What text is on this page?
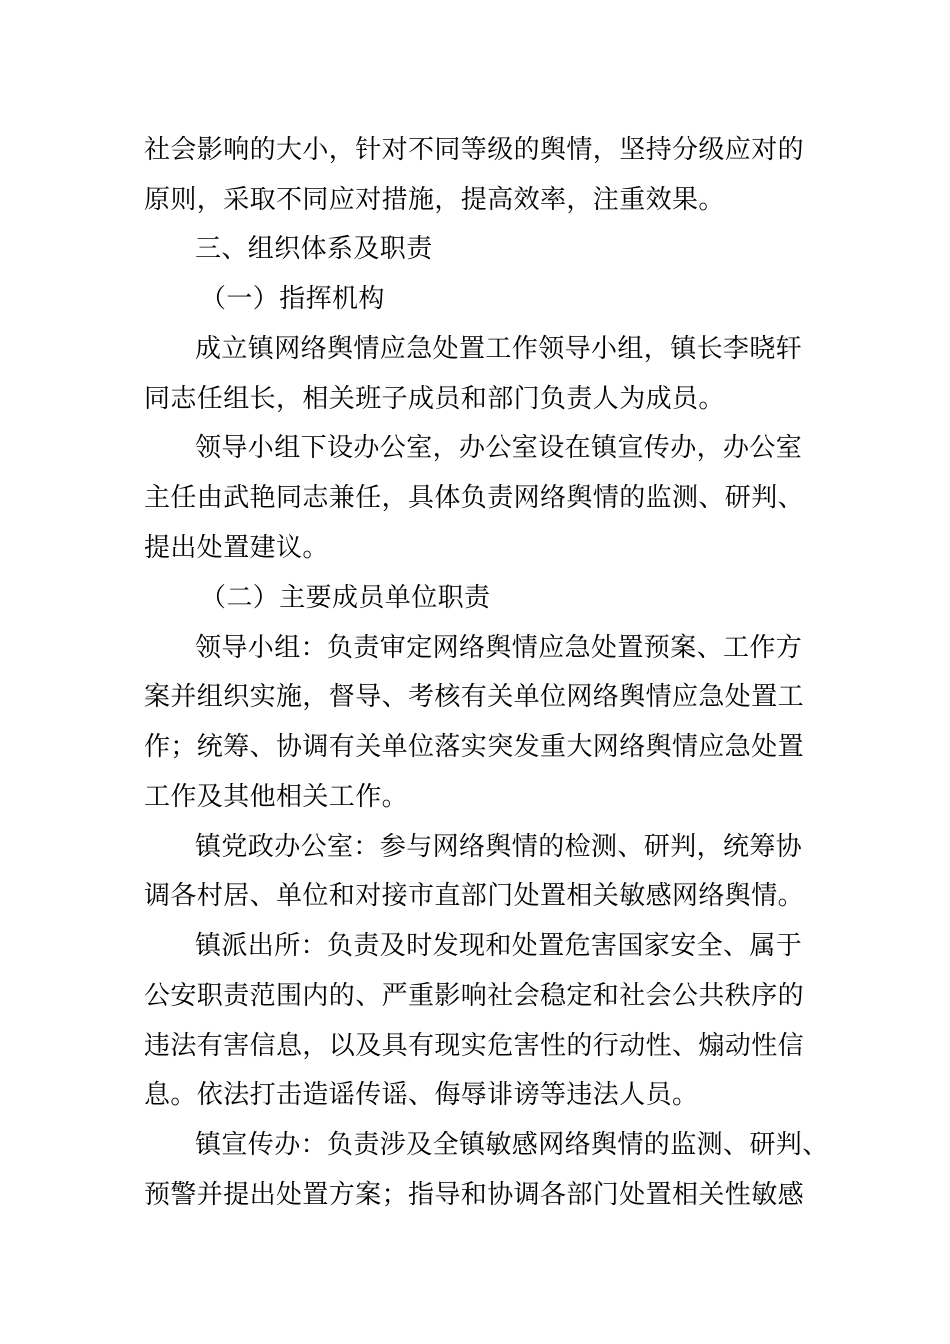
社会影响的大小，针对不同等级的舆情，坚持分级应对的
原则，采取不同应对措施，提高效率，注重效果。
三、组织体系及职责
（一）指挥机构
成立镇网络舆情应急处置工作领导小组，镇长李晓轩
同志任组长，相关班子成员和部门负责人为成员。
领导小组下设办公室，办公室设在镇宣传办，办公室
主任由武艳同志兼任，具体负责网络舆情的监测、研判、
提出处置建议。
（二）主要成员单位职责
领导小组：负责审定网络舆情应急处置预案、工作方
案并组织实施，督导、考核有关单位网络舆情应急处置工
作；统筹、协调有关单位落实突发重大网络舆情应急处置
工作及其他相关工作。
镇党政办公室：参与网络舆情的检测、研判，统筹协
调各村居、单位和对接市直部门处置相关敏感网络舆情。
镇派出所：负责及时发现和处置危害国家安全、属于
公安职责范围内的、严重影响社会稳定和社会公共秩序的
违法有害信息，以及具有现实危害性的行动性、煽动性信
息。依法打击造谣传谣、侮辱诽谤等违法人员。
镇宣传办：负责涉及全镇敏感网络舆情的监测、研判、
预警并提出处置方案；指导和协调各部门处置相关性敏感
